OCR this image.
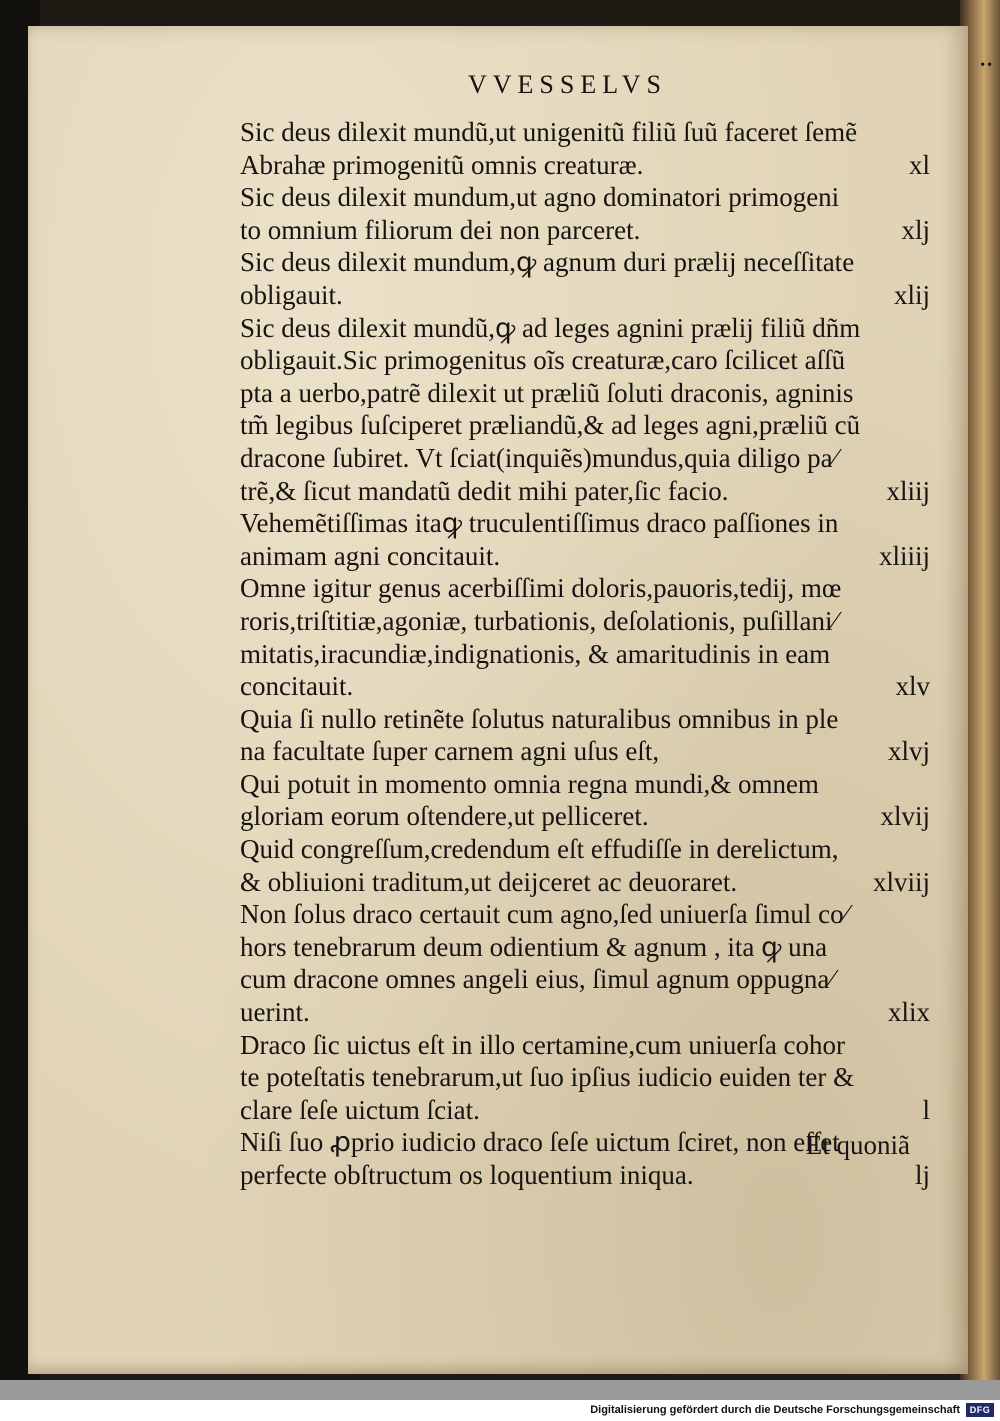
••
VVESSELVS
Sic deus dilexit mundũ,ut unigenitũ filiũ ſuũ faceret ſemẽ
Abrahæ primogenitũ omnis creaturæ.	xl
Sic deus dilexit mundum,ut agno dominatori primogeni
to omnium filiorum dei non parceret.	xlj
Sic deus dilexit mundum,ꝙ agnum duri prælij neceſſitate
obligauit.	xlij
Sic deus dilexit mundũ,ꝙ ad leges agnini prælij filiũ dñm
obligauit.Sic primogenitus oĩs creaturæ,caro ſcilicet aſſũ
pta a uerbo,patrẽ dilexit ut præliũ ſoluti draconis, agninis
tm̃ legibus ſuſciperet præliandũ,& ad leges agni,præliũ cũ
dracone ſubiret. Vt ſciat(inquiẽs)mundus,quia diligo pa⁄
trẽ,& ſicut mandatũ dedit mihi pater,ſic facio.	xliij
Vehemẽtiſſimas itaꝙ truculentiſſimus draco paſſiones in
animam agni concitauit.	xliiij
Omne igitur genus acerbiſſimi doloris,pauoris,tedij, mœ
roris,triſtitiæ,agoniæ, turbationis, deſolationis, puſillani⁄
mitatis,iracundiæ,indignationis, & amaritudinis in eam
concitauit.	xlv
Quia ſi nullo retinẽte ſolutus naturalibus omnibus in ple
na facultate ſuper carnem agni uſus eſt,	xlvj
Qui potuit in momento omnia regna mundi,& omnem
gloriam eorum oſtendere,ut pelliceret.	xlvij
Quid congreſſum,credendum eſt effudiſſe in derelictum,
& obliuioni traditum,ut deijceret ac deuoraret.	xlviij
Non ſolus draco certauit cum agno,ſed uniuerſa ſimul co⁄
hors tenebrarum deum odientium & agnum , ita ꝙ una
cum dracone omnes angeli eius, ſimul agnum oppugna⁄
uerint.	xlix
Draco ſic uictus eſt in illo certamine,cum uniuerſa cohor
te poteſtatis tenebrarum,ut ſuo ipſius iudicio euiden ter &
clare ſeſe uictum ſciat.	l
Niſi ſuo ꝓprio iudicio draco ſeſe uictum ſciret, non eſſet
perfecte obſtructum os loquentium iniqua.	lj
Et quoniã
Digitalisierung gefördert durch die Deutsche Forschungsgemeinschaft	DFG
